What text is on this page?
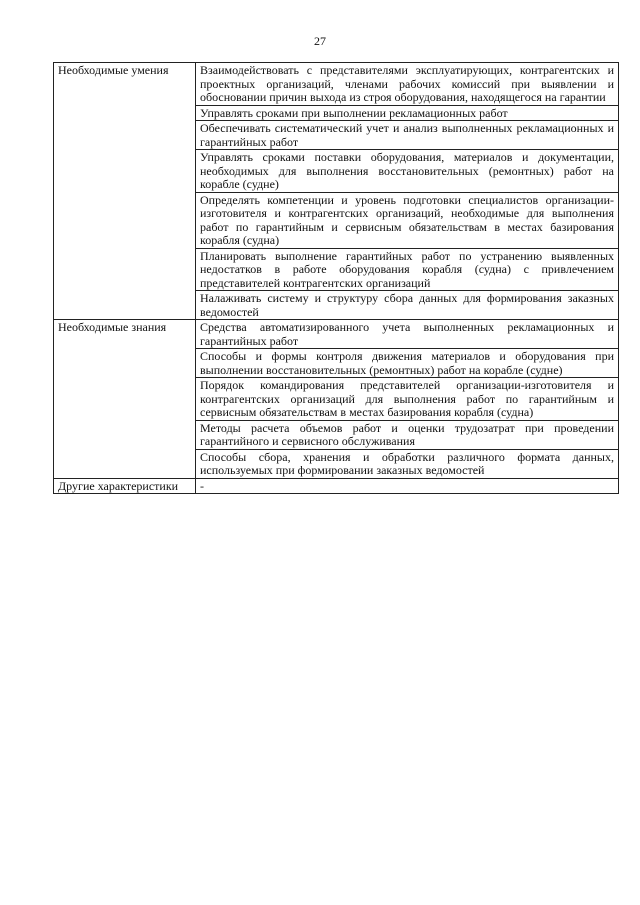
27
Необходимые умения	Взаимодействовать с представителями эксплуатирующих, контрагентских и проектных организаций, членами рабочих комиссий при выявлении и обосновании причин выхода из строя оборудования, находящегося на гарантии
	Управлять сроками при выполнении рекламационных работ
	Обеспечивать систематический учет и анализ выполненных рекламационных и гарантийных работ
	Управлять сроками поставки оборудования, материалов и документации, необходимых для выполнения восстановительных (ремонтных) работ на корабле (судне)
	Определять компетенции и уровень подготовки специалистов организации-изготовителя и контрагентских организаций, необходимые для выполнения работ по гарантийным и сервисным обязательствам в местах базирования корабля (судна)
	Планировать выполнение гарантийных работ по устранению выявленных недостатков в работе оборудования корабля (судна) с привлечением представителей контрагентских организаций
	Налаживать систему и структуру сбора данных для формирования заказных ведомостей
Необходимые знания	Средства автоматизированного учета выполненных рекламационных и гарантийных работ
	Способы и формы контроля движения материалов и оборудования при выполнении восстановительных (ремонтных) работ на корабле (судне)
	Порядок командирования представителей организации-изготовителя и контрагентских организаций для выполнения работ по гарантийным и сервисным обязательствам в местах базирования корабля (судна)
	Методы расчета объемов работ и оценки трудозатрат при проведении гарантийного и сервисного обслуживания
	Способы сбора, хранения и обработки различного формата данных, используемых при формировании заказных ведомостей
Другие характеристики	-
